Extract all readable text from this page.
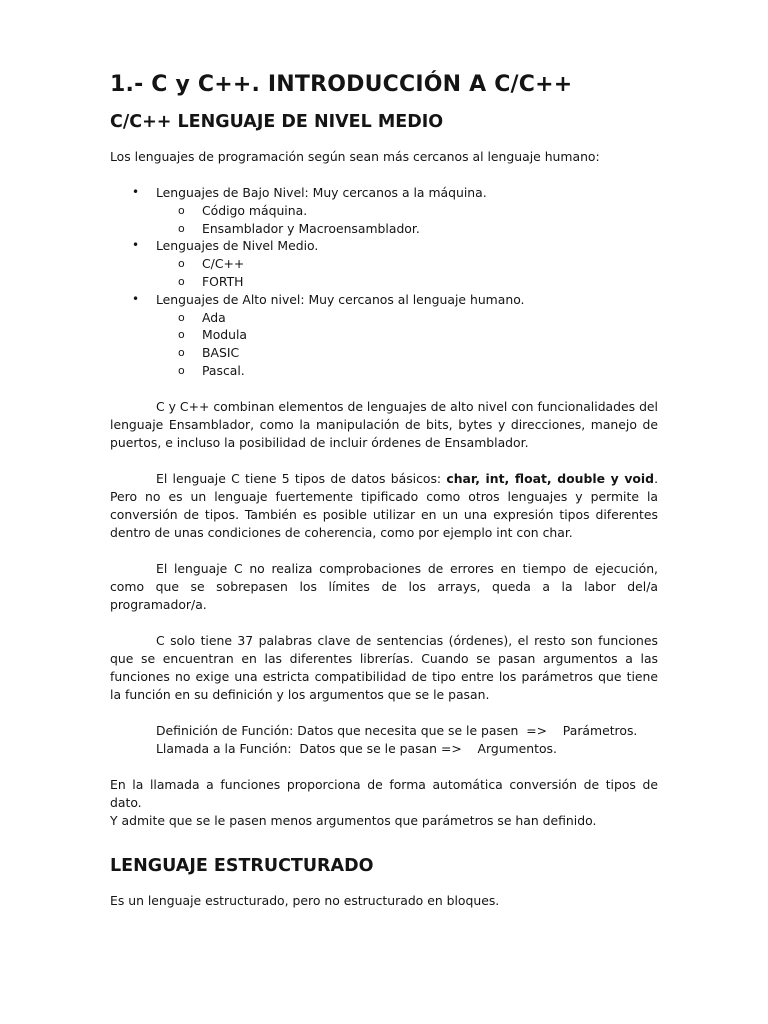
1.- C y C++. INTRODUCCIÓN A C/C++
C/C++ LENGUAJE DE NIVEL MEDIO

Los lenguajes de programación según sean más cercanos al lenguaje humano:

• Lenguajes de Bajo Nivel: Muy cercanos a la máquina.
o Código máquina.
o Ensamblador y Macroensamblador.
• Lenguajes de Nivel Medio.
o C/C++
o FORTH
• Lenguajes de Alto nivel: Muy cercanos al lenguaje humano.
o Ada
o Modula
o BASIC
o Pascal.

C y C++ combinan elementos de lenguajes de alto nivel con funcionalidades del lenguaje Ensamblador, como la manipulación de bits, bytes y direcciones, manejo de puertos, e incluso la posibilidad de incluir órdenes de Ensamblador.

El lenguaje C tiene 5 tipos de datos básicos: char, int, float, double y void. Pero no es un lenguaje fuertemente tipificado como otros lenguajes y permite la conversión de tipos. También es posible utilizar en un una expresión tipos diferentes dentro de unas condiciones de coherencia, como por ejemplo int con char.

El lenguaje C no realiza comprobaciones de errores en tiempo de ejecución, como que se sobrepasen los límites de los arrays, queda a la labor del/a programador/a.

C solo tiene 37 palabras clave de sentencias (órdenes), el resto son funciones que se encuentran en las diferentes librerías. Cuando se pasan argumentos a las funciones no exige una estricta compatibilidad de tipo entre los parámetros que tiene la función en su definición y los argumentos que se le pasan.

Definición de Función: Datos que necesita que se le pasen  =>    Parámetros.
Llamada a la Función:  Datos que se le pasan =>    Argumentos.

En la llamada a funciones proporciona de forma automática conversión de tipos de dato.

Y admite que se le pasen menos argumentos que parámetros se han definido.

LENGUAJE ESTRUCTURADO

Es un lenguaje estructurado, pero no estructurado en bloques.
